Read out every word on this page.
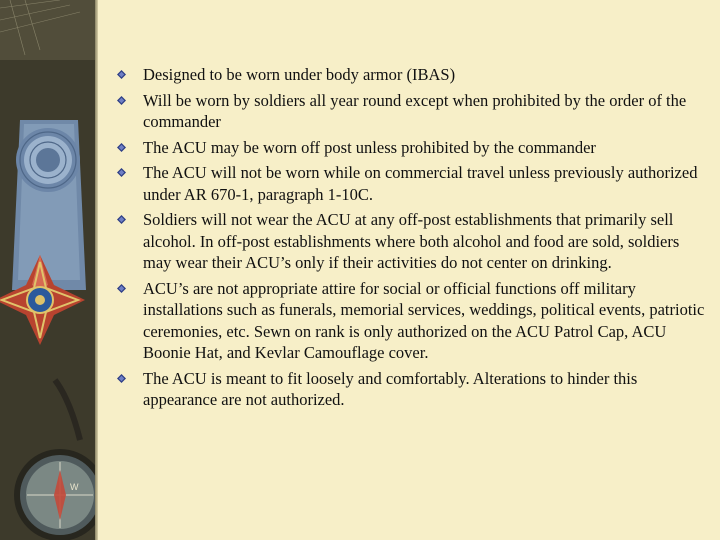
W
Designed to be worn under body armor (IBAS)
Will be worn by soldiers all year round except when prohibited by the order of the commander
The ACU may be worn off post unless prohibited by the commander
The ACU will not be worn while on commercial travel unless previously authorized under AR 670-1, paragraph 1-10C.
Soldiers will not wear the ACU at any off-post establishments that primarily sell alcohol. In off-post establishments where both alcohol and food are sold, soldiers may wear their ACU’s only if their activities do not center on drinking.
ACU’s are not appropriate attire for social or official functions off military installations such as funerals, memorial services, weddings, political events, patriotic ceremonies, etc. Sewn on rank is only authorized on the ACU Patrol Cap, ACU Boonie Hat, and Kevlar Camouflage cover.
The ACU is meant to fit loosely and comfortably. Alterations to hinder this appearance are not authorized.
